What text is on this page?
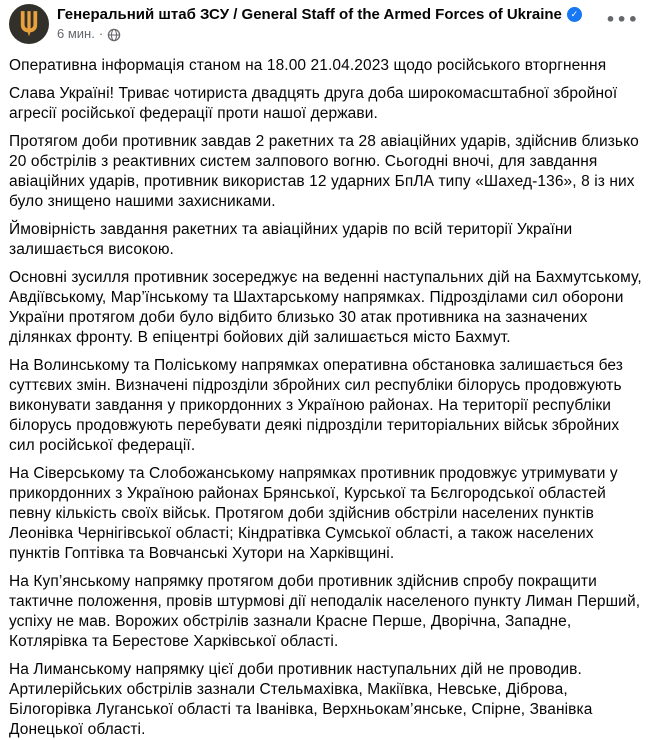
Генеральний штаб ЗСУ / General Staff of the Armed Forces of Ukraine ✓
6 мин. ·
•••

Оперативна інформація станом на 18.00 21.04.2023 щодо російського вторгнення

Слава Україні! Триває чотириста двадцять друга доба широкомасштабної збройної агресії російської федерації проти нашої держави.

Протягом доби противник завдав 2 ракетних та 28 авіаційних ударів, здійснив близько 20 обстрілів з реактивних систем залпового вогню. Сьогодні вночі, для завдання авіаційних ударів, противник використав 12 ударних БпЛА типу «Шахед-136», 8 із них було знищено нашими захисниками.

Ймовірність завдання ракетних та авіаційних ударів по всій території України залишається високою.

Основні зусилля противник зосереджує на веденні наступальних дій на Бахмутському, Авдіївському, Мар’їнському та Шахтарському напрямках. Підрозділами сил оборони України протягом доби було відбито близько 30 атак противника на зазначених ділянках фронту. В епіцентрі бойових дій залишається місто Бахмут.

На Волинському та Поліському напрямках оперативна обстановка залишається без суттєвих змін. Визначені підрозділи збройних сил республіки білорусь продовжують виконувати завдання у прикордонних з Україною районах. На території республіки білорусь продовжують перебувати деякі підрозділи територіальних військ збройних сил російської федерації.

На Сіверському та Слобожанському напрямках противник продовжує утримувати у прикордонних з Україною районах Брянської, Курської та Бєлгородської областей певну кількість своїх військ. Протягом доби здійснив обстріли населених пунктів Леонівка Чернігівської області; Кіндратівка Сумської області, а також населених пунктів Гоптівка та Вовчанські Хутори на Харківщині.

На Куп’янському напрямку протягом доби противник здійснив спробу покращити тактичне положення, провів штурмові дії неподалік населеного пункту Лиман Перший, успіху не мав. Ворожих обстрілів зазнали Красне Перше, Дворічна, Западне, Котлярівка та Берестове Харківської області.

На Лиманському напрямку цієї доби противник наступальних дій не проводив. Артилерійських обстрілів зазнали Стельмахівка, Макіївка, Невське, Діброва, Білогорівка Луганської області та Іванівка, Верхньокам’янське, Спірне, Званівка Донецької області.
